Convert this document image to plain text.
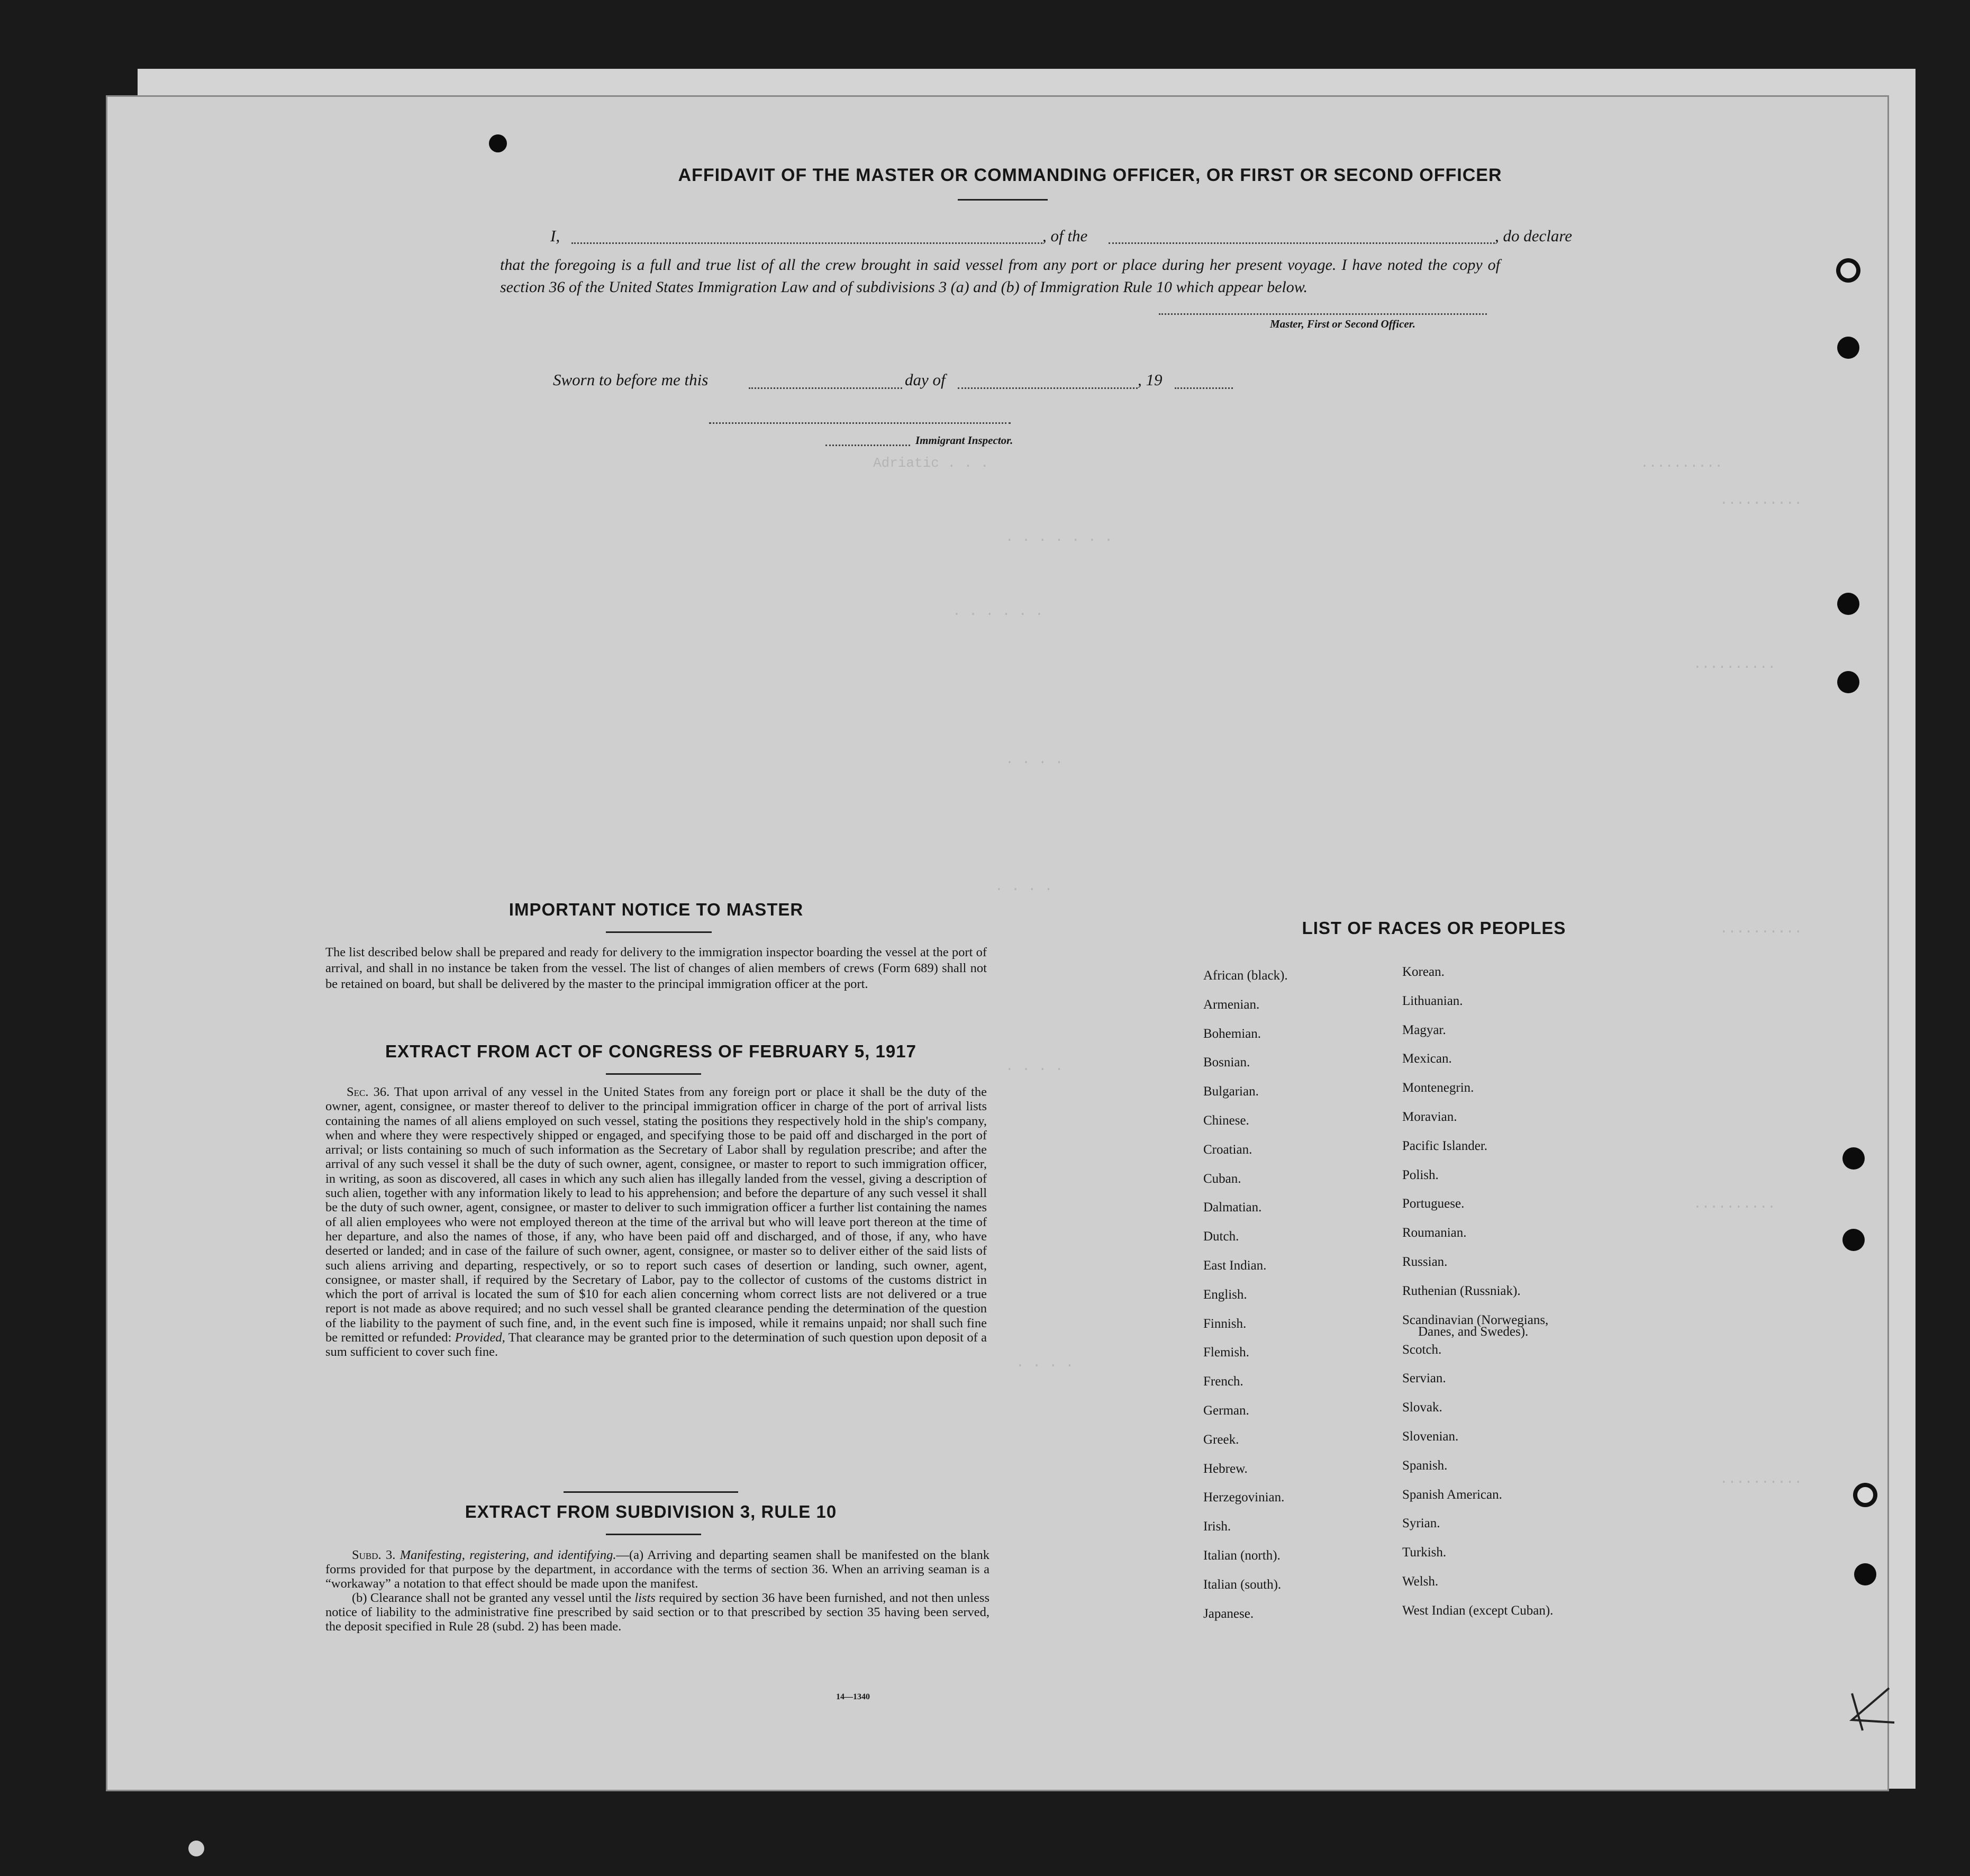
Adriatic . . .	..........
..........
. . . . . . .
. . . . . .
..........
. . . .
. . . .
..........
. . . .
..........
. . . .
..........
AFFIDAVIT OF THE MASTER OR COMMANDING OFFICER, OR FIRST OR SECOND OFFICER
I,	, of the	, do declare
that the foregoing is a full and true list of all the crew brought in said vessel from any port or place during her present voyage. I have noted the copy of section 36 of the United States Immigration Law and of subdivisions 3 (a) and (b) of Immigration Rule 10 which appear below.
Master, First or Second Officer.
Sworn to before me this	day of	, 19
Immigrant Inspector.
IMPORTANT NOTICE TO MASTER
The list described below shall be prepared and ready for delivery to the immigration inspector boarding the vessel at the port of arrival, and shall in no instance be taken from the vessel. The list of changes of alien members of crews (Form 689) shall not be retained on board, but shall be delivered by the master to the principal immigration officer at the port.
EXTRACT FROM ACT OF CONGRESS OF FEBRUARY 5, 1917
Sec. 36. That upon arrival of any vessel in the United States from any foreign port or place it shall be the duty of the owner, agent, consignee, or master thereof to deliver to the principal immigration officer in charge of the port of arrival lists containing the names of all aliens employed on such vessel, stating the positions they respectively hold in the ship's company, when and where they were respectively shipped or engaged, and specifying those to be paid off and discharged in the port of arrival; or lists containing so much of such information as the Secretary of Labor shall by regulation prescribe; and after the arrival of any such vessel it shall be the duty of such owner, agent, consignee, or master to report to such immigration officer, in writing, as soon as discovered, all cases in which any such alien has illegally landed from the vessel, giving a description of such alien, together with any information likely to lead to his apprehension; and before the departure of any such vessel it shall be the duty of such owner, agent, consignee, or master to deliver to such immigration officer a further list containing the names of all alien employees who were not employed thereon at the time of the arrival but who will leave port thereon at the time of her departure, and also the names of those, if any, who have been paid off and discharged, and of those, if any, who have deserted or landed; and in case of the failure of such owner, agent, consignee, or master so to deliver either of the said lists of such aliens arriving and departing, respectively, or so to report such cases of desertion or landing, such owner, agent, consignee, or master shall, if required by the Secretary of Labor, pay to the collector of customs of the customs district in which the port of arrival is located the sum of $10 for each alien concerning whom correct lists are not delivered or a true report is not made as above required; and no such vessel shall be granted clearance pending the determination of the question of the liability to the payment of such fine, and, in the event such fine is imposed, while it remains unpaid; nor shall such fine be remitted or refunded: Provided, That clearance may be granted prior to the determination of such question upon deposit of a sum sufficient to cover such fine.
EXTRACT FROM SUBDIVISION 3, RULE 10

Subd. 3. Manifesting, registering, and identifying.—(a) Arriving and departing seamen shall be manifested on the blank forms provided for that purpose by the department, in accordance with the terms of section 36. When an arriving seaman is a “workaway” a notation to that effect should be made upon the manifest.

(b) Clearance shall not be granted any vessel until the lists required by section 36 have been furnished, and not then unless notice of liability to the administrative fine prescribed by said section or to that prescribed by section 35 having been served, the deposit specified in Rule 28 (subd. 2) has been made.

14—1340
LIST OF RACES OR PEOPLES
African (black).
Armenian.
Bohemian.
Bosnian.
Bulgarian.
Chinese.
Croatian.
Cuban.
Dalmatian.
Dutch.
East Indian.
English.
Finnish.
Flemish.
French.
German.
Greek.
Hebrew.
Herzegovinian.
Irish.
Italian (north).
Italian (south).
Japanese.
Korean.
Lithuanian.
Magyar.
Mexican.
Montenegrin.
Moravian.
Pacific Islander.
Polish.
Portuguese.
Roumanian.
Russian.
Ruthenian (Russniak).
Scandinavian (Norwegians,
Danes, and Swedes).
Scotch.
Servian.
Slovak.
Slovenian.
Spanish.
Spanish American.
Syrian.
Turkish.
Welsh.
West Indian (except Cuban).
